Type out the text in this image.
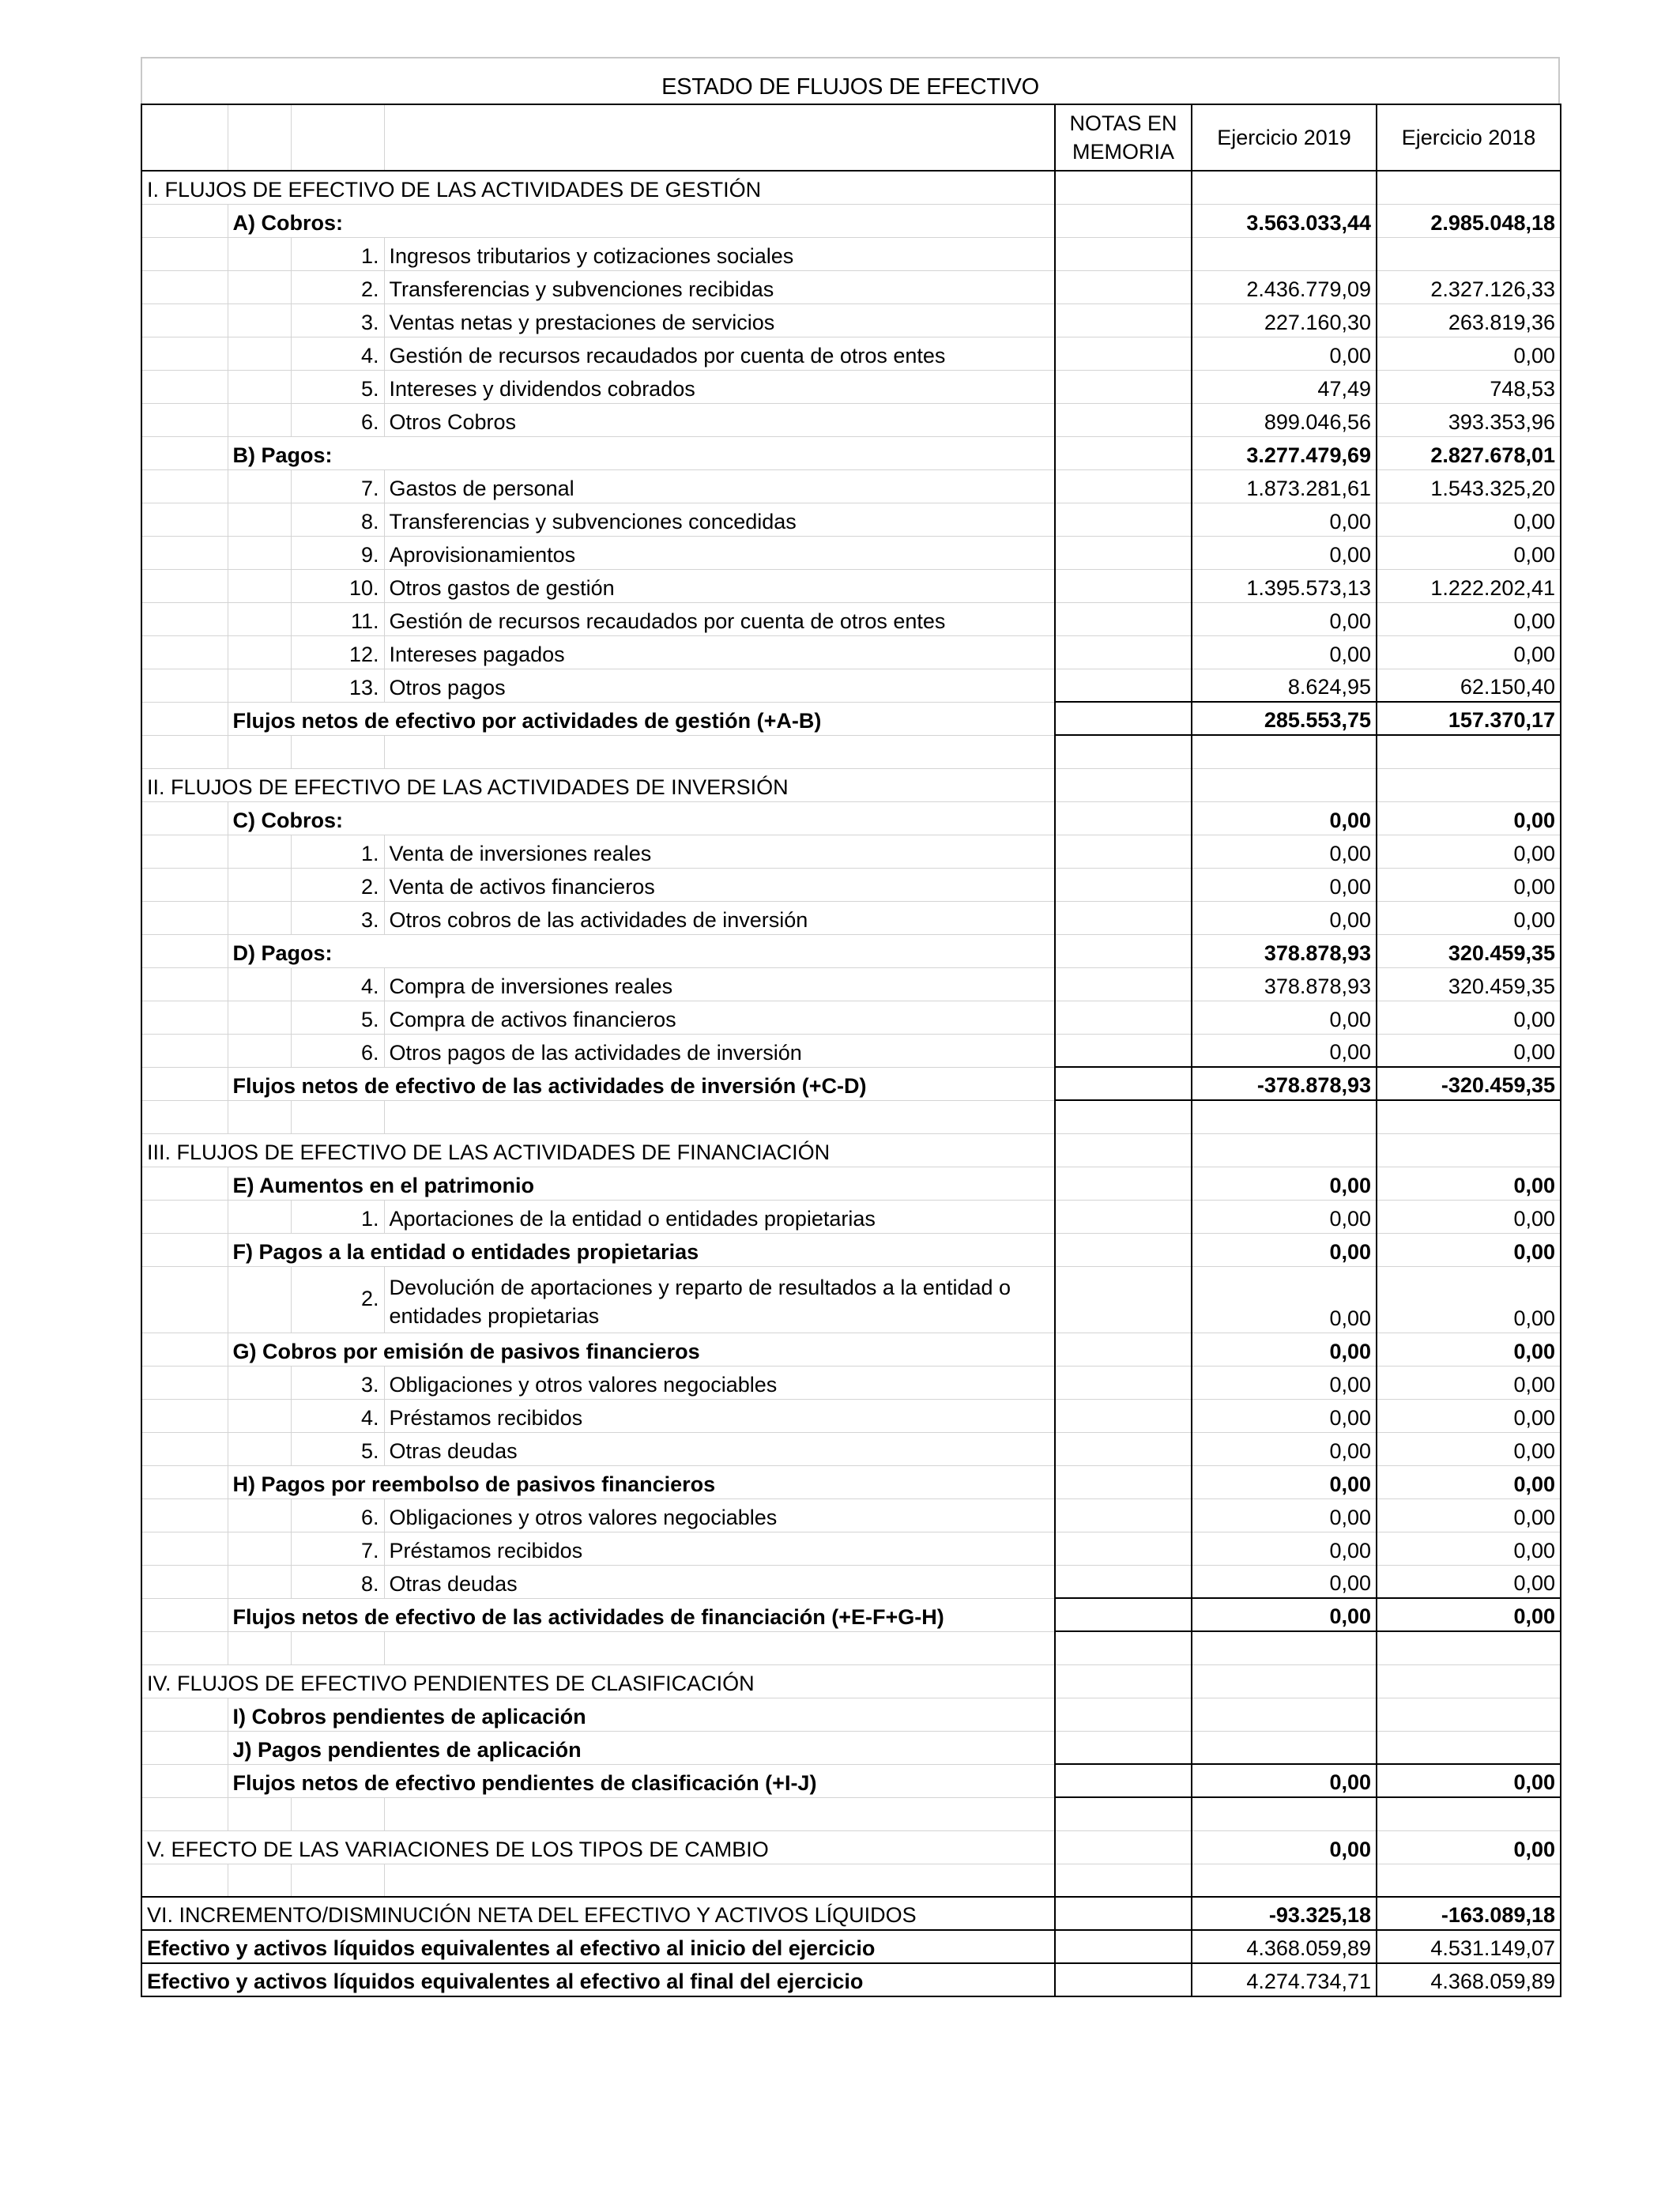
ESTADO DE FLUJOS DE EFECTIVO
				NOTAS EN MEMORIA	Ejercicio 2019	Ejercicio 2018
I. FLUJOS DE EFECTIVO DE LAS ACTIVIDADES DE GESTIÓN						
	A) Cobros:				3.563.033,44	2.985.048,18
		1.	Ingresos tributarios y cotizaciones sociales			
		2.	Transferencias y subvenciones recibidas		2.436.779,09	2.327.126,33
		3.	Ventas netas y prestaciones de servicios		227.160,30	263.819,36
		4.	Gestión de recursos recaudados por cuenta de otros entes		0,00	0,00
		5.	Intereses y dividendos cobrados		47,49	748,53
		6.	Otros Cobros		899.046,56	393.353,96
	B) Pagos:				3.277.479,69	2.827.678,01
		7.	Gastos de personal		1.873.281,61	1.543.325,20
		8.	Transferencias y subvenciones concedidas		0,00	0,00
		9.	Aprovisionamientos		0,00	0,00
		10.	Otros gastos de gestión		1.395.573,13	1.222.202,41
		11.	Gestión de recursos recaudados por cuenta de otros entes		0,00	0,00
		12.	Intereses pagados		0,00	0,00
		13.	Otros pagos		8.624,95	62.150,40
	Flujos netos de efectivo por actividades de gestión (+A-B)				285.553,75	157.370,17

II. FLUJOS DE EFECTIVO DE LAS ACTIVIDADES DE INVERSIÓN						
	C) Cobros:				0,00	0,00
		1.	Venta de inversiones reales		0,00	0,00
		2.	Venta de activos financieros		0,00	0,00
		3.	Otros cobros de las actividades de inversión		0,00	0,00
	D) Pagos:				378.878,93	320.459,35
		4.	Compra de inversiones reales		378.878,93	320.459,35
		5.	Compra de activos financieros		0,00	0,00
		6.	Otros pagos de las actividades de inversión		0,00	0,00
	Flujos netos de efectivo de las actividades de inversión (+C-D)				-378.878,93	-320.459,35

III. FLUJOS DE EFECTIVO DE LAS ACTIVIDADES DE FINANCIACIÓN						
	E) Aumentos en el patrimonio				0,00	0,00
		1.	Aportaciones de la entidad o entidades propietarias		0,00	0,00
	F) Pagos a la entidad o entidades propietarias				0,00	0,00
		2.	Devolución de aportaciones y reparto de resultados a la entidad o entidades propietarias		0,00	0,00
	G) Cobros por emisión de pasivos financieros				0,00	0,00
		3.	Obligaciones y otros valores negociables		0,00	0,00
		4.	Préstamos recibidos		0,00	0,00
		5.	Otras deudas		0,00	0,00
	H) Pagos por reembolso de pasivos financieros				0,00	0,00
		6.	Obligaciones y otros valores negociables		0,00	0,00
		7.	Préstamos recibidos		0,00	0,00
		8.	Otras deudas		0,00	0,00
	Flujos netos de efectivo de las actividades de financiación (+E-F+G-H)				0,00	0,00

IV. FLUJOS DE EFECTIVO PENDIENTES DE CLASIFICACIÓN						
	I) Cobros pendientes de aplicación					
	J) Pagos pendientes de aplicación					
	Flujos netos de efectivo pendientes de clasificación (+I-J)				0,00	0,00

V. EFECTO DE LAS VARIACIONES DE LOS TIPOS DE CAMBIO					0,00	0,00

VI. INCREMENTO/DISMINUCIÓN NETA DEL EFECTIVO Y ACTIVOS LÍQUIDOS					-93.325,18	-163.089,18
Efectivo y activos líquidos equivalentes al efectivo al inicio del ejercicio					4.368.059,89	4.531.149,07
Efectivo y activos líquidos equivalentes al efectivo al final del ejercicio					4.274.734,71	4.368.059,89
